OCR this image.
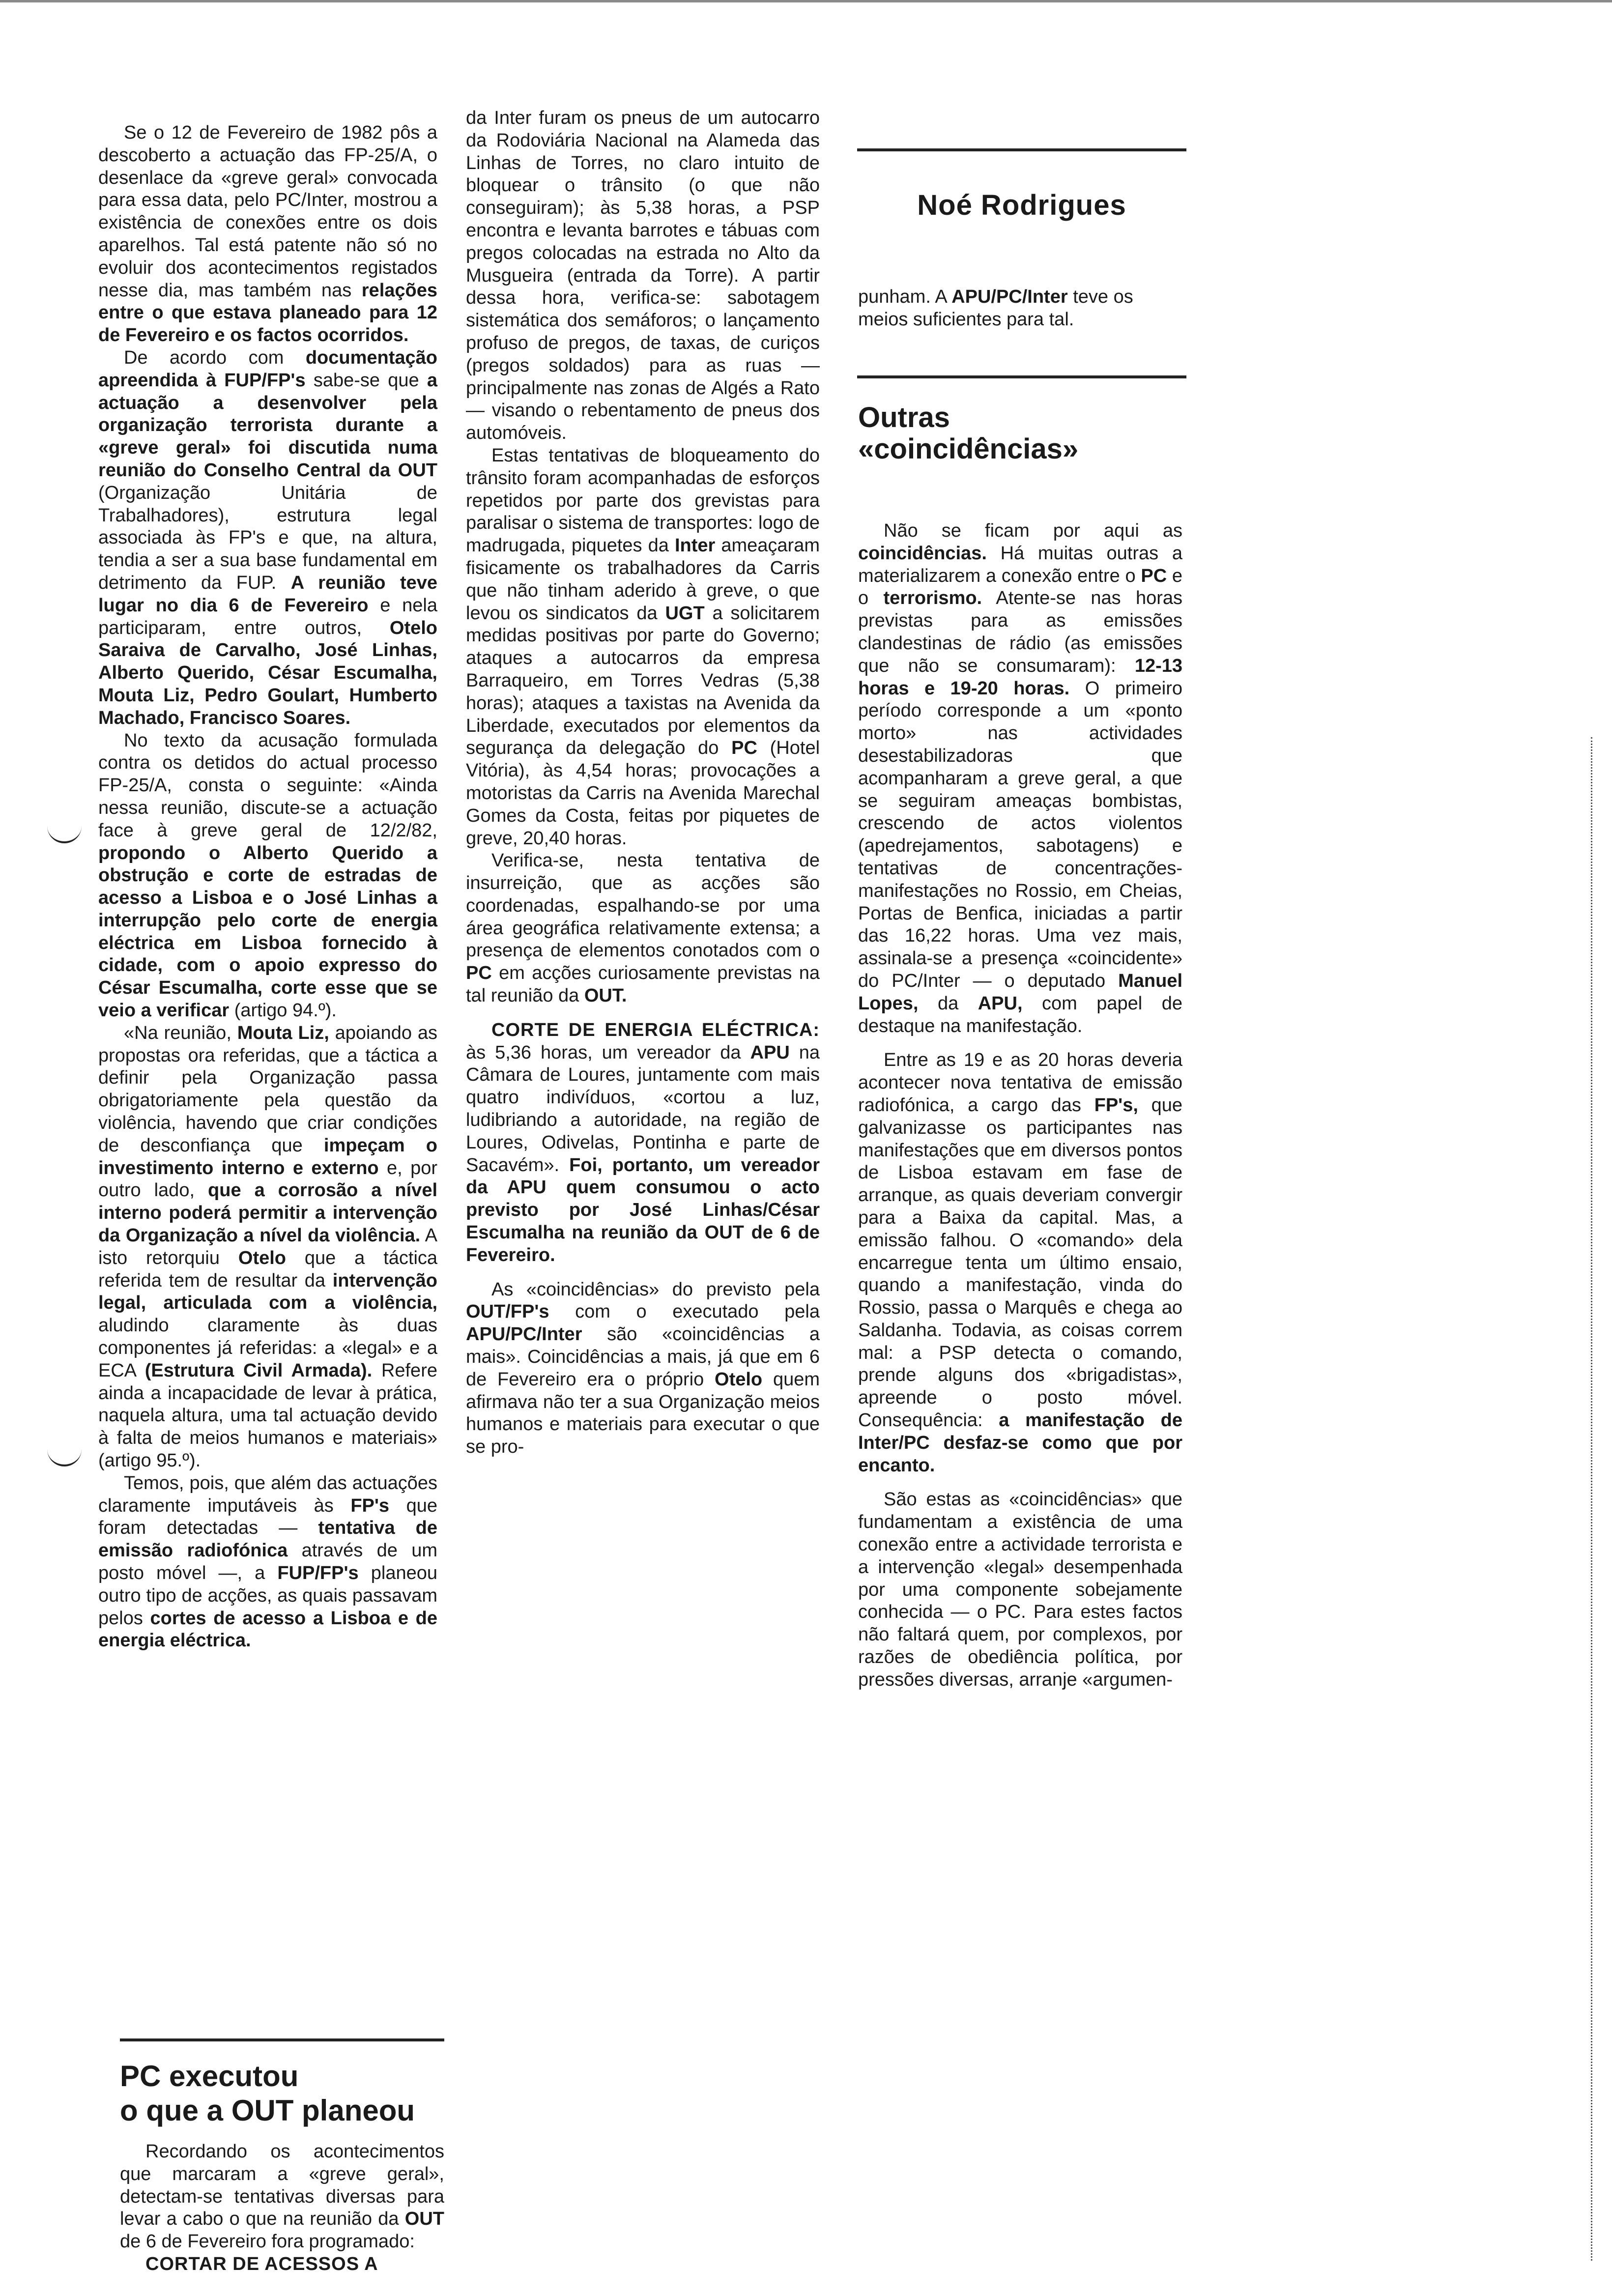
Se o 12 de Fevereiro de 1982 pôs a descoberto a actuação das FP-25/A, o desenlace da «greve geral» convocada para essa data, pelo PC/Inter, mostrou a existência de conexões entre os dois aparelhos. Tal está patente não só no evoluir dos acontecimentos registados nesse dia, mas também nas relações entre o que estava planeado para 12 de Fevereiro e os factos ocorridos.

De acordo com documentação apreendida à FUP/FP's sabe-se que a actuação a desenvolver pela organização terrorista durante a «greve geral» foi discutida numa reunião do Conselho Central da OUT (Organização Unitária de Trabalhadores), estrutura legal associada às FP's e que, na altura, tendia a ser a sua base fundamental em detrimento da FUP. A reunião teve lugar no dia 6 de Fevereiro e nela participaram, entre outros, Otelo Saraiva de Carvalho, José Linhas, Alberto Querido, César Escumalha, Mouta Liz, Pedro Goulart, Humberto Machado, Francisco Soares.

No texto da acusação formulada contra os detidos do actual processo FP-25/A, consta o seguinte: «Ainda nessa reunião, discute-se a actuação face à greve geral de 12/2/82, propondo o Alberto Querido a obstrução e corte de estradas de acesso a Lisboa e o José Linhas a interrupção pelo corte de energia eléctrica em Lisboa fornecido à cidade, com o apoio expresso do César Escumalha, corte esse que se veio a verificar (artigo 94.º).

«Na reunião, Mouta Liz, apoiando as propostas ora referidas, que a táctica a definir pela Organização passa obrigatoriamente pela questão da violência, havendo que criar condições de desconfiança que impeçam o investimento interno e externo e, por outro lado, que a corrosão a nível interno poderá permitir a intervenção da Organização a nível da violência. A isto retorquiu Otelo que a táctica referida tem de resultar da intervenção legal, articulada com a violência, aludindo claramente às duas componentes já referidas: a «legal» e a ECA (Estrutura Civil Armada). Refere ainda a incapacidade de levar à prática, naquela altura, uma tal actuação devido à falta de meios humanos e materiais» (artigo 95.º).

Temos, pois, que além das actuações claramente imputáveis às FP's que foram detectadas — tentativa de emissão radiofónica através de um posto móvel —, a FUP/FP's planeou outro tipo de acções, as quais passavam pelos cortes de acesso a Lisboa e de energia eléctrica.

PC executou
o que a OUT planeou

Recordando os acontecimentos que marcaram a «greve geral», detectam-se tentativas diversas para levar a cabo o que na reunião da OUT de 6 de Fevereiro fora programado:

CORTAR DE ACESSOS A

da Inter furam os pneus de um autocarro da Rodoviária Nacional na Alameda das Linhas de Torres, no claro intuito de bloquear o trânsito (o que não conseguiram); às 5,38 horas, a PSP encontra e levanta barrotes e tábuas com pregos colocadas na estrada no Alto da Musgueira (entrada da Torre). A partir dessa hora, verifica-se: sabotagem sistemática dos semáforos; o lançamento profuso de pregos, de taxas, de curiços (pregos soldados) para as ruas — principalmente nas zonas de Algés a Rato — visando o rebentamento de pneus dos automóveis.

Estas tentativas de bloqueamento do trânsito foram acompanhadas de esforços repetidos por parte dos grevistas para paralisar o sistema de transportes: logo de madrugada, piquetes da Inter ameaçaram fisicamente os trabalhadores da Carris que não tinham aderido à greve, o que levou os sindicatos da UGT a solicitarem medidas positivas por parte do Governo; ataques a autocarros da empresa Barraqueiro, em Torres Vedras (5,38 horas); ataques a taxistas na Avenida da Liberdade, executados por elementos da segurança da delegação do PC (Hotel Vitória), às 4,54 horas; provocações a motoristas da Carris na Avenida Marechal Gomes da Costa, feitas por piquetes de greve, 20,40 horas.

Verifica-se, nesta tentativa de insurreição, que as acções são coordenadas, espalhando-se por uma área geográfica relativamente extensa; a presença de elementos conotados com o PC em acções curiosamente previstas na tal reunião da OUT.

CORTE DE ENERGIA ELÉCTRICA: às 5,36 horas, um vereador da APU na Câmara de Loures, juntamente com mais quatro indivíduos, «cortou a luz, ludibriando a autoridade, na região de Loures, Odivelas, Pontinha e parte de Sacavém». Foi, portanto, um vereador da APU quem consumou o acto previsto por José Linhas/César Escumalha na reunião da OUT de 6 de Fevereiro.

As «coincidências» do previsto pela OUT/FP's com o executado pela APU/PC/Inter são «coincidências a mais». Coincidências a mais, já que em 6 de Fevereiro era o próprio Otelo quem afirmava não ter a sua Organização meios humanos e materiais para executar o que se pro-

Noé Rodrigues
punham. A APU/PC/Inter teve os meios suficientes para tal.
Outras
«coincidências»

Não se ficam por aqui as coincidências. Há muitas outras a materializarem a conexão entre o PC e o terrorismo. Atente-se nas horas previstas para as emissões clandestinas de rádio (as emissões que não se consumaram): 12-13 horas e 19-20 horas. O primeiro período corresponde a um «ponto morto» nas actividades desestabilizadoras que acompanharam a greve geral, a que se seguiram ameaças bombistas, crescendo de actos violentos (apedrejamentos, sabotagens) e tentativas de concentrações-manifestações no Rossio, em Cheias, Portas de Benfica, iniciadas a partir das 16,22 horas. Uma vez mais, assinala-se a presença «coincidente» do PC/Inter — o deputado Manuel Lopes, da APU, com papel de destaque na manifestação.

Entre as 19 e as 20 horas deveria acontecer nova tentativa de emissão radiofónica, a cargo das FP's, que galvanizasse os participantes nas manifestações que em diversos pontos de Lisboa estavam em fase de arranque, as quais deveriam convergir para a Baixa da capital. Mas, a emissão falhou. O «comando» dela encarregue tenta um último ensaio, quando a manifestação, vinda do Rossio, passa o Marquês e chega ao Saldanha. Todavia, as coisas correm mal: a PSP detecta o comando, prende alguns dos «brigadistas», apreende o posto móvel. Consequência: a manifestação de Inter/PC desfaz-se como que por encanto.

São estas as «coincidências» que fundamentam a existência de uma conexão entre a actividade terrorista e a intervenção «legal» desempenhada por uma componente sobejamente conhecida — o PC. Para estes factos não faltará quem, por complexos, por razões de obediência política, por pressões diversas, arranje «argumen-
